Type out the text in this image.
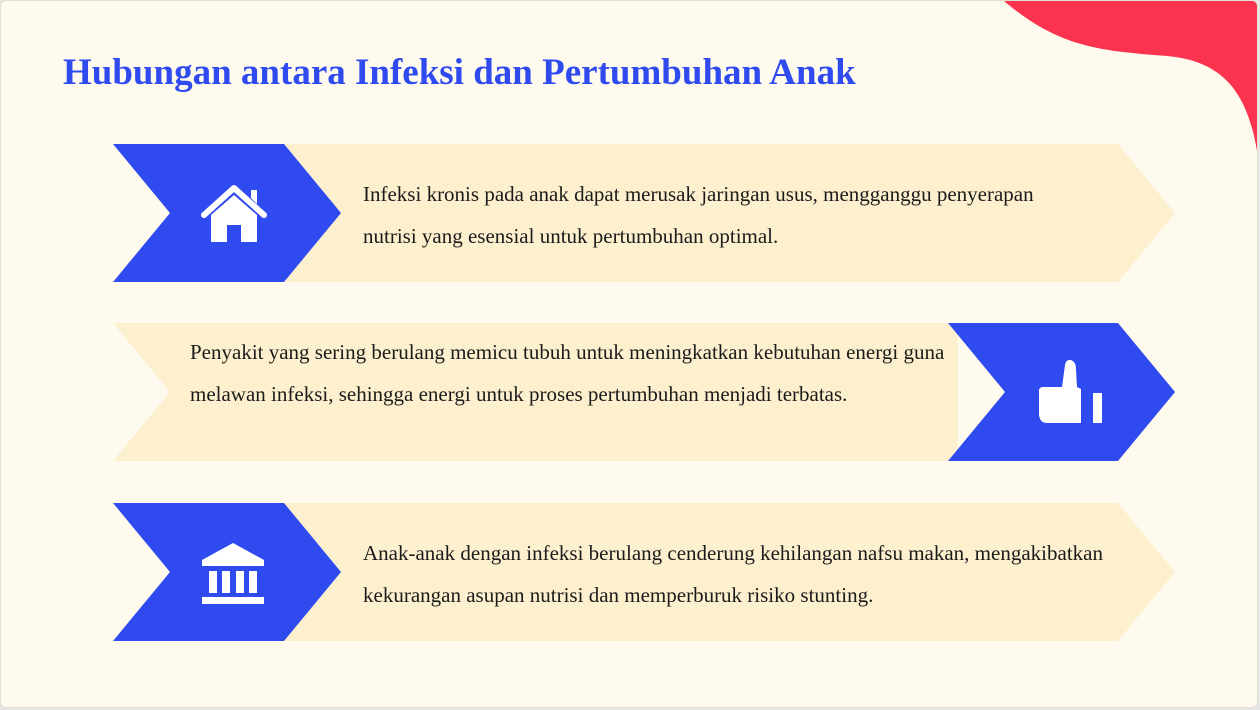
Hubungan antara Infeksi dan Pertumbuhan Anak

Infeksi kronis pada anak dapat merusak jaringan usus, mengganggu penyerapan nutrisi yang esensial untuk pertumbuhan optimal.

Penyakit yang sering berulang memicu tubuh untuk meningkatkan kebutuhan energi guna melawan infeksi, sehingga energi untuk proses pertumbuhan menjadi terbatas.

Anak-anak dengan infeksi berulang cenderung kehilangan nafsu makan, mengakibatkan kekurangan asupan nutrisi dan memperburuk risiko stunting.
